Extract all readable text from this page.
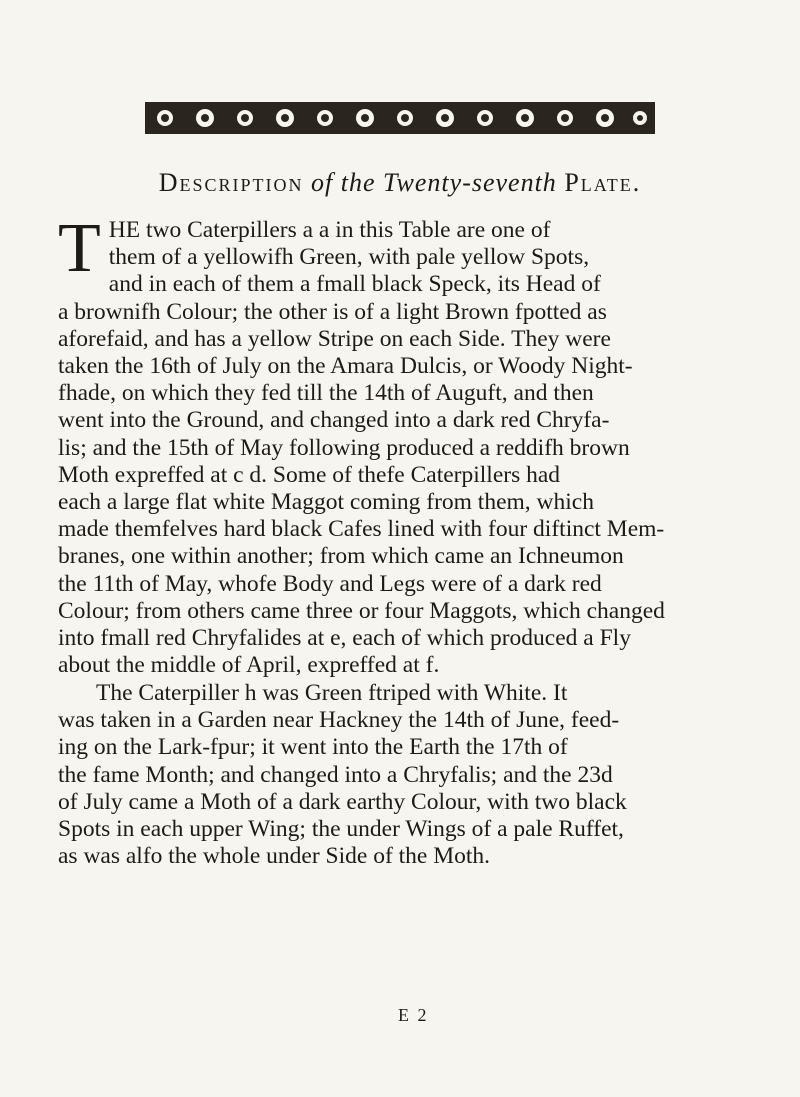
Description of the Twenty-seventh Plate.
T HE two Caterpillers a a in this Table are one of
them of a yellowifh Green, with pale yellow Spots,
and in each of them a fmall black Speck, its Head of
a brownifh Colour; the other is of a light Brown fpotted as
aforefaid, and has a yellow Stripe on each Side. They were
taken the 16th of July on the Amara Dulcis, or Woody Night-
fhade, on which they fed till the 14th of Auguft, and then
went into the Ground, and changed into a dark red Chryfa-
lis; and the 15th of May following produced a reddifh brown
Moth expreffed at c d. Some of thefe Caterpillers had
each a large flat white Maggot coming from them, which
made themfelves hard black Cafes lined with four diftinct Mem-
branes, one within another; from which came an Ichneumon
the 11th of May, whofe Body and Legs were of a dark red
Colour; from others came three or four Maggots, which changed
into fmall red Chryfalides at e, each of which produced a Fly
about the middle of April, expreffed at f.
The Caterpiller h was Green ftriped with White. It
was taken in a Garden near Hackney the 14th of June, feed-
ing on the Lark-fpur; it went into the Earth the 17th of
the fame Month; and changed into a Chryfalis; and the 23d
of July came a Moth of a dark earthy Colour, with two black
Spots in each upper Wing; the under Wings of a pale Ruffet,
as was alfo the whole under Side of the Moth.
E 2
